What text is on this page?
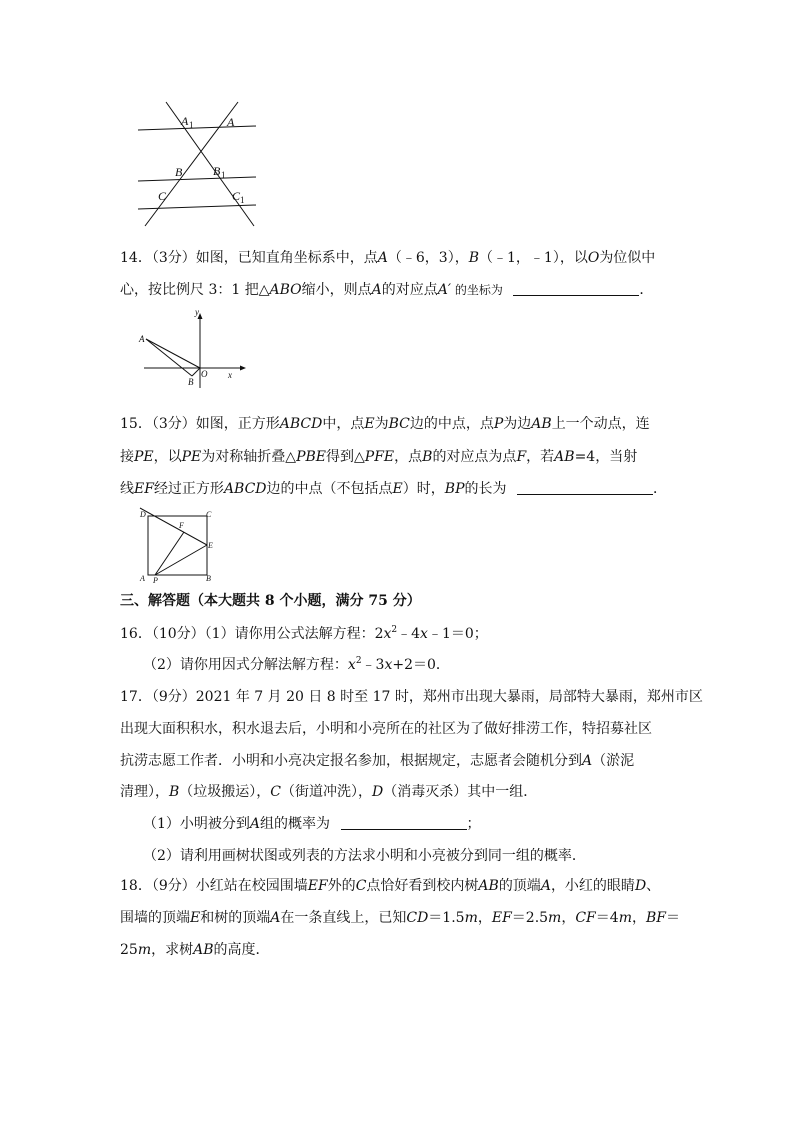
A 1	A
B	B 1
C	C 1
14．（3分）如图，已知直角坐标系中，点A（﹣6，3），B（﹣1，﹣1），以O为位似中
心，按比例尺 3：1 把△ABO缩小，则点A的对应点A′ 的坐标为	．
y
A
O x
B
15．（3分）如图，正方形ABCD中，点E为BC边的中点，点P为边AB上一个动点，连
接PE，以PE为对称轴折叠△PBE得到△PFE，点B的对应点为点F，若AB=4，当射
线EF经过正方形ABCD边的中点（不包括点E）时，BP的长为	．
D
F
C
E
A P	B
三、解答题（本大题共 8 个小题，满分 75 分）
16．（10分）（1）请你用公式法解方程：$2x^2﹣4x﹣1=0$；
（2）请你用因式分解法解方程：$x^2﹣3x+2=0$．
17．（9分）2021 年 7 月 20 日 8 时至 17 时，郑州市出现大暴雨，局部特大暴雨，郑州市区
出现大面积积水，积水退去后，小明和小亮所在的社区为了做好排涝工作，特招募社区
抗涝志愿工作者．小明和小亮决定报名参加，根据规定，志愿者会随机分到A（淤泥
清理），B（垃圾搬运），C（街道冲洗），D（消毒灭杀）其中一组．
（1）小明被分到A组的概率为	；
（2）请利用画树状图或列表的方法求小明和小亮被分到同一组的概率．
18．（9分）小红站在校园围墙EF外的C点恰好看到校内树AB的顶端A，小红的眼睛D、
围墙的顶端E和树的顶端A在一条直线上，已知CD＝1.5m，EF＝2.5m，CF＝4m，BF＝
25m，求树AB的高度．
